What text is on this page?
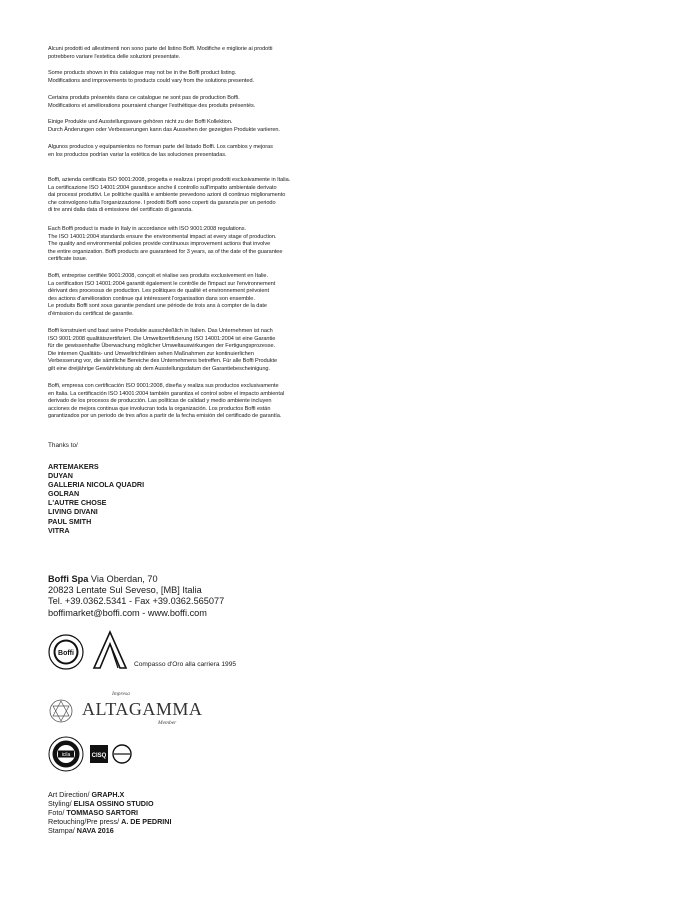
Alcuni prodotti ed allestimenti non sono parte del listino Boffi. Modifiche e migliorie ai prodotti

potrebbero variare l'estetica delle soluzioni presentate.

Some products shown in this catalogue may not be in the Boffi product listing.

Modifications and improvements to products could vary from the solutions presented.

Certains produits présentés dans ce catalogue ne sont pas de production Boffi.

Modifications et améliorations pourraient changer l'esthétique des produits présentés.

Einige Produkte und Ausstellungsware gehören nicht zu der Boffi Kollektion.

Durch Änderungen oder Verbesserungen kann das Aussehen der gezeigten Produkte variieren.

Algunos productos y equipamientos no forman parte del listado Boffi. Los cambios y mejoras

en los productos podrían variar la estética de las soluciones presentadas.

Boffi, azienda certificata ISO 9001:2008, progetta e realizza i propri prodotti esclusivamente in Italia.

La certificazione ISO 14001:2004 garantisce anche il controllo sull'impatto ambientale derivato

dai processi produttivi. Le politiche qualità e ambiente prevedono azioni di continuo miglioramento

che coinvolgono tutta l'organizzazione. I prodotti Boffi sono coperti da garanzia per un periodo

di tre anni dalla data di emissione del certificato di garanzia.

Each Boffi product is made in Italy in accordance with ISO 9001:2008 regulations.

The ISO 14001:2004 standards ensure the environmental impact at every stage of production.

The quality and environmental policies provide continuous improvement actions that involve

the entire organization. Boffi products are guaranteed for 3 years, as of the date of the guarantee

certificate issue.

Boffi, entreprise certifiée 9001:2008, conçoit et réalise ses produits exclusivement en Italie.

La certification ISO 14001:2004 garantit également le contrôle de l'impact sur l'environnement

dérivant des processus de production. Les politiques de qualité et environnement prévoient

des actions d'amélioration continue qui intéressent l'organisation dans son ensemble.

Le produits Boffi sont sous garantie pendant une période de trois ans à compter de la date

d'émission du certificat de garantie.

Boffi konstruiert und baut seine Produkte ausschließlich in Italien. Das Unternehmen ist nach

ISO 9001:2008 qualitätszertifiziert. Die Umweltzertifizierung ISO 14001:2004 ist eine Garantie

für die gewissenhafte Überwachung möglicher Umweltauswirkungen der Fertigungsprozesse.

Die internen Qualitäts- und Umweltrichtlinien sehen Maßnahmen zur kontinuierlichen

Verbesserung vor, die sämtliche Bereiche des Unternehmens betreffen. Für alle Boffi Produkte

gilt eine dreijährige Gewährleistung ab dem Ausstellungsdatum der Garantiebescheinigung.

Boffi, empresa con certificación ISO 9001:2008, diseña y realiza sus productos exclusivamente

en Italia. La certificación ISO 14001:2004 también garantiza el control sobre el impacto ambiental

derivado de los procesos de producción. Las políticas de calidad y medio ambiente incluyen

acciones de mejora continua que involucran toda la organización. Los productos Boffi están

garantizados por un periodo de tres años a partir de la fecha emisión del certificado de garantía.

Thanks to/
ARTEMAKERS
DUYAN
GALLERIA NICOLA QUADRI
GOLRAN
L'AUTRE CHOSE
LIVING DIVANI
PAUL SMITH
VITRA
Boffi Spa Via Oberdan, 70
20823 Lentate Sul Seveso, [MB] Italia
Tel. +39.0362.5341 - Fax +39.0362.565077
boffimarket@boffi.com - www.boffi.com
Boffi
Compasso d'Oro alla carriera 1995
Impresa
ALTAGAMMA
Member
icila	CISQ
Art Direction/ GRAPH.X
Styling/ ELISA OSSINO STUDIO
Foto/ TOMMASO SARTORI
Retouching/Pre press/ A. DE PEDRINI
Stampa/ NAVA 2016
